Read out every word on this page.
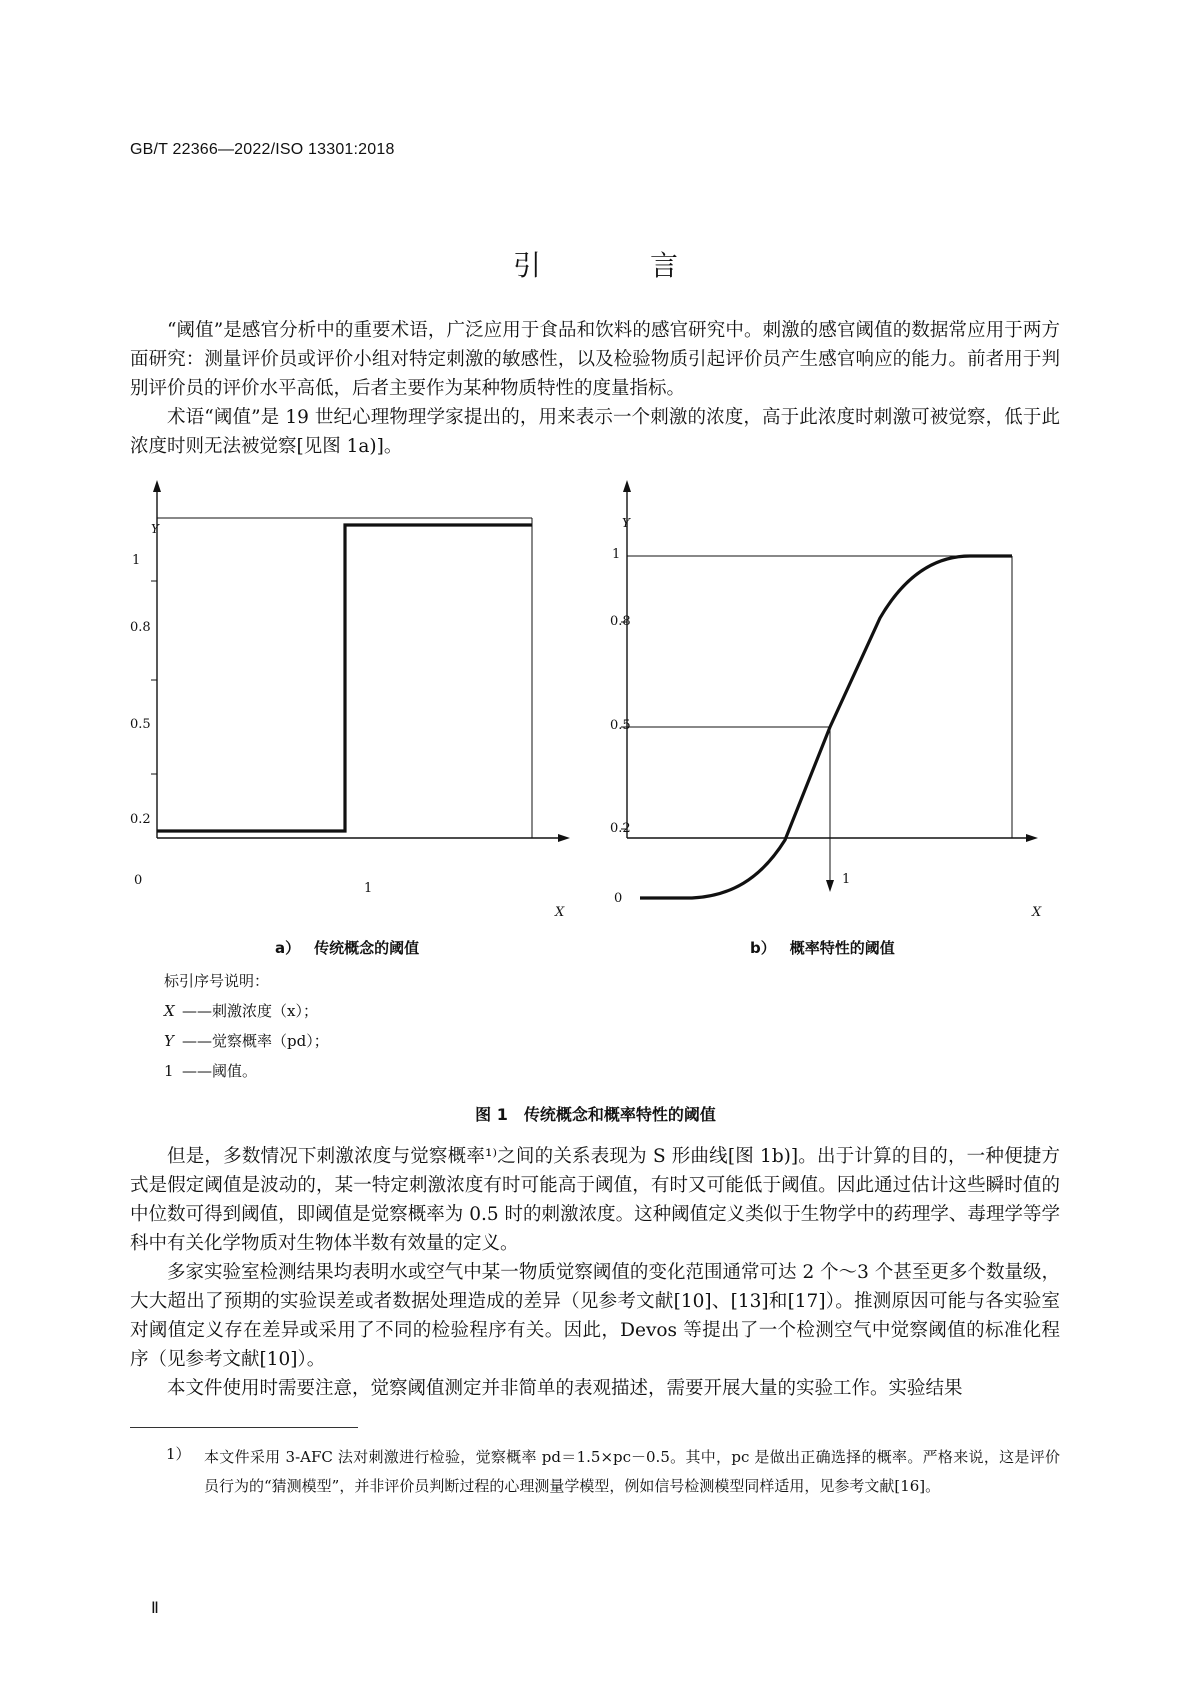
GB/T 22366—2022/ISO 13301:2018
引 言

“阈值”是感官分析中的重要术语，广泛应用于食品和饮料的感官研究中。刺激的感官阈值的数据常应用于两方面研究：测量评价员或评价小组对特定刺激的敏感性，以及检验物质引起评价员产生感官响应的能力。前者用于判别评价员的评价水平高低，后者主要作为某种物质特性的度量指标。

术语“阈值”是 19 世纪心理物理学家提出的，用来表示一个刺激的浓度，高于此浓度时刺激可被觉察，低于此浓度时则无法被觉察[见图 1a)]。

Y
1
0.8
0.5
0.2
0
1
X
Y
1
0.8
0.5
0.2
0
1
X
a） 传统概念的阈值	b） 概率特性的阈值
标引序号说明：
X ——刺激浓度（x）；
Y ——觉察概率（pd）；
1 ——阈值。
图 1　传统概念和概率特性的阈值

但是，多数情况下刺激浓度与觉察概率¹⁾之间的关系表现为 S 形曲线[图 1b)]。出于计算的目的，一种便捷方式是假定阈值是波动的，某一特定刺激浓度有时可能高于阈值，有时又可能低于阈值。因此通过估计这些瞬时值的中位数可得到阈值，即阈值是觉察概率为 0.5 时的刺激浓度。这种阈值定义类似于生物学中的药理学、毒理学等学科中有关化学物质对生物体半数有效量的定义。

多家实验室检测结果均表明水或空气中某一物质觉察阈值的变化范围通常可达 2 个～3 个甚至更多个数量级，大大超出了预期的实验误差或者数据处理造成的差异（见参考文献[10]、[13]和[17]）。推测原因可能与各实验室对阈值定义存在差异或采用了不同的检验程序有关。因此，Devos 等提出了一个检测空气中觉察阈值的标准化程序（见参考文献[10]）。

本文件使用时需要注意，觉察阈值测定并非简单的表观描述，需要开展大量的实验工作。实验结果

1） 本文件采用 3-AFC 法对刺激进行检验，觉察概率 pd＝1.5×pc－0.5。其中，pc 是做出正确选择的概率。严格来说，这是评价员行为的“猜测模型”，并非评价员判断过程的心理测量学模型，例如信号检测模型同样适用，见参考文献[16]。
Ⅱ
